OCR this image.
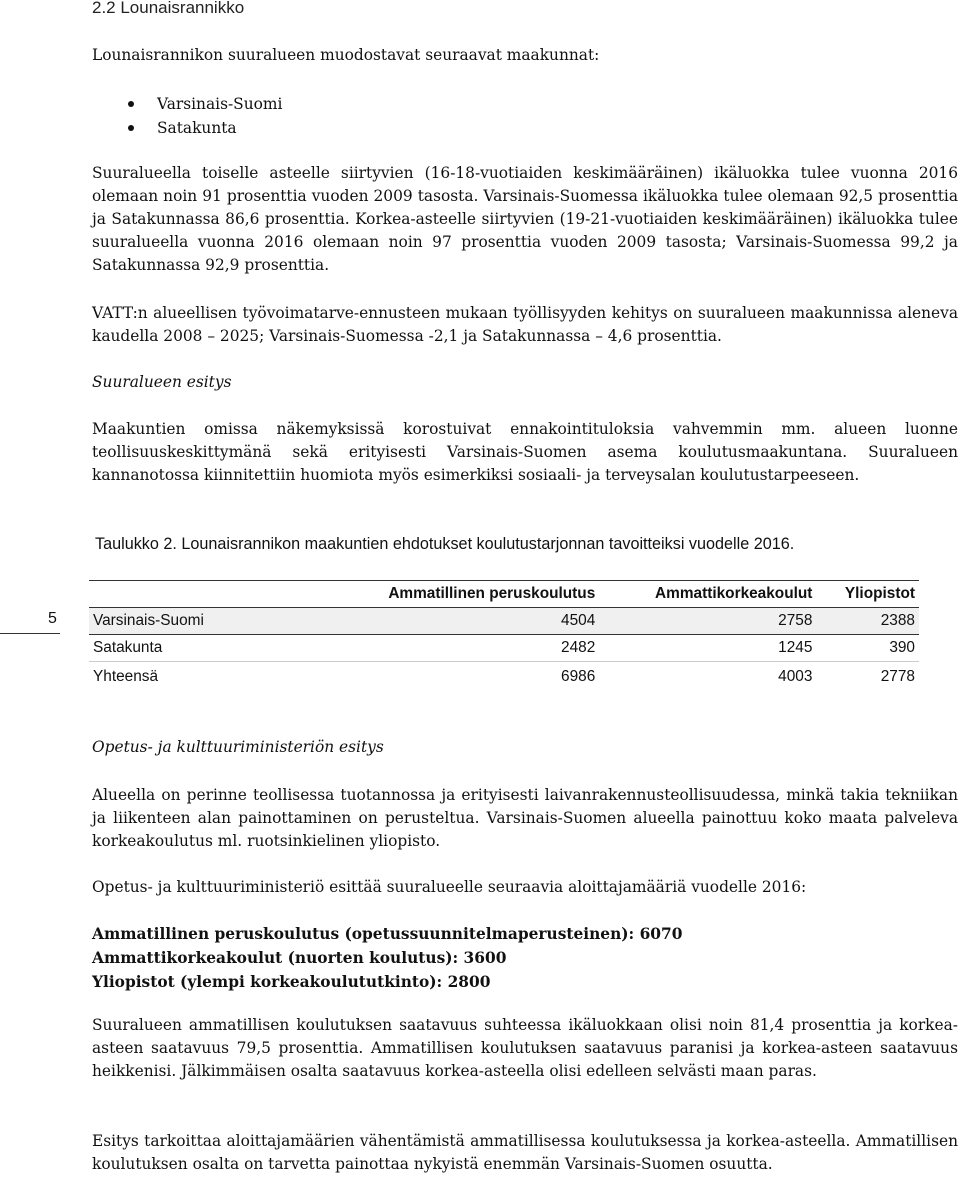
5
2.2 Lounaisrannikko

Lounaisrannikon suuralueen muodostavat seuraavat maakunnat:

Varsinais-Suomi
Satakunta

Suuralueella toiselle asteelle siirtyvien (16-18-vuotiaiden keskimääräinen) ikäluokka tulee vuonna 2016 olemaan noin 91 prosenttia vuoden 2009 tasosta. Varsinais-Suomessa ikäluokka tulee olemaan 92,5 prosenttia ja Satakunnassa 86,6 prosenttia. Korkea-asteelle siirtyvien (19-21-vuotiaiden keskimääräinen) ikäluokka tulee suuralueella vuonna 2016 olemaan noin 97 prosenttia vuoden 2009 tasosta; Varsinais-Suomessa 99,2 ja Satakunnassa 92,9 prosenttia.

VATT:n alueellisen työvoimatarve-ennusteen mukaan työllisyyden kehitys on suuralueen maakunnissa aleneva kaudella 2008 – 2025; Varsinais-Suomessa -2,1 ja Satakunnassa – 4,6 prosenttia.

Suuralueen esitys

Maakuntien omissa näkemyksissä korostuivat ennakointituloksia vahvemmin mm. alueen luonne teollisuuskeskittymänä sekä erityisesti Varsinais-Suomen asema koulutusmaakuntana. Suuralueen kannanotossa kiinnitettiin huomiota myös esimerkiksi sosiaali- ja terveysalan koulutustarpeeseen.

Taulukko 2. Lounaisrannikon maakuntien ehdotukset koulutustarjonnan tavoitteiksi vuodelle 2016.
	Ammatillinen peruskoulutus	Ammattikorkeakoulut	Yliopistot
Varsinais-Suomi	4504	2758	2388
Satakunta	2482	1245	390
Yhteensä	6986	4003	2778

Opetus- ja kulttuuriministeriön esitys

Alueella on perinne teollisessa tuotannossa ja erityisesti laivanrakennusteollisuudessa, minkä takia tekniikan ja liikenteen alan painottaminen on perusteltua. Varsinais-Suomen alueella painottuu koko maata palveleva korkeakoulutus ml. ruotsinkielinen yliopisto.

Opetus- ja kulttuuriministeriö esittää suuralueelle seuraavia aloittajamääriä vuodelle 2016:

Ammatillinen peruskoulutus (opetussuunnitelmaperusteinen): 6070

Ammattikorkeakoulut (nuorten koulutus): 3600

Yliopistot (ylempi korkeakoulututkinto): 2800

Suuralueen ammatillisen koulutuksen saatavuus suhteessa ikäluokkaan olisi noin 81,4 prosenttia ja korkea-asteen saatavuus 79,5 prosenttia. Ammatillisen koulutuksen saatavuus paranisi ja korkea-asteen saatavuus heikkenisi. Jälkimmäisen osalta saatavuus korkea-asteella olisi edelleen selvästi maan paras.

Esitys tarkoittaa aloittajamäärien vähentämistä ammatillisessa koulutuksessa ja korkea-asteella. Ammatillisen koulutuksen osalta on tarvetta painottaa nykyistä enemmän Varsinais-Suomen osuutta.
